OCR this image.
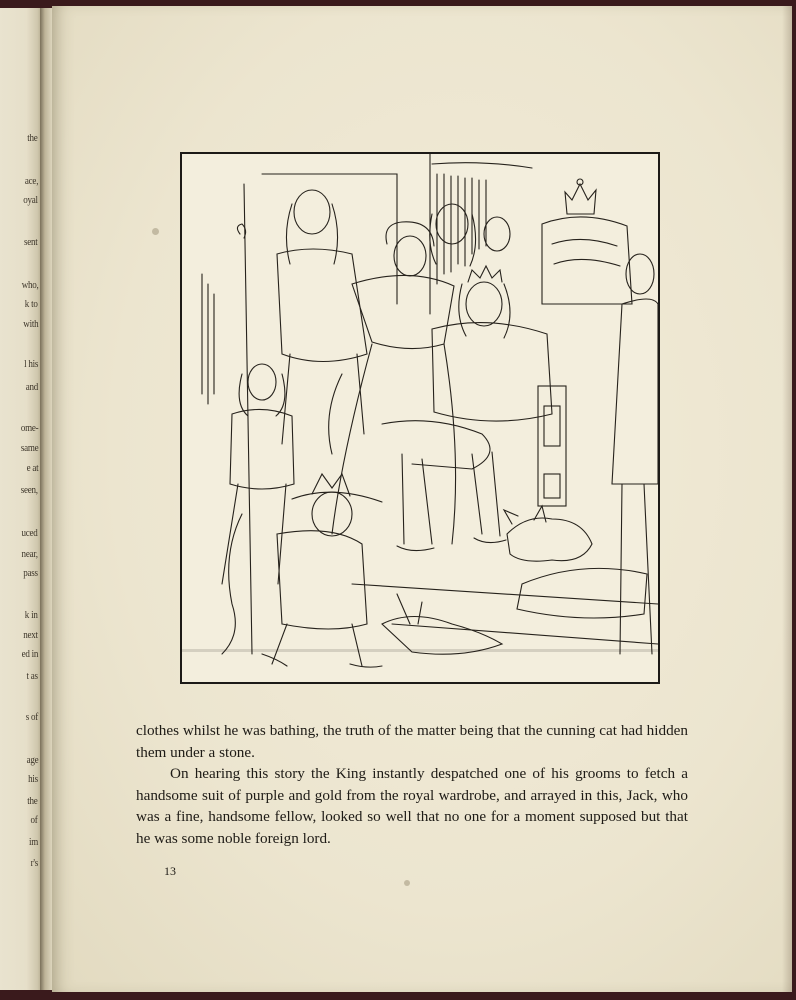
the
ace,
oyal
sent
who,
k to
with
l his
and
ome-
same
e at
seen,
uced
near,
pass
k in
next
ed in
t as
s of
age
his
the
of
im
r's

clothes whilst he was bathing, the truth of the matter being that the cunning cat had hidden them under a stone.

On hearing this story the King instantly despatched one of his grooms to fetch a handsome suit of purple and gold from the royal wardrobe, and arrayed in this, Jack, who was a fine, handsome fellow, looked so well that no one for a moment supposed but that he was some noble foreign lord.

13
